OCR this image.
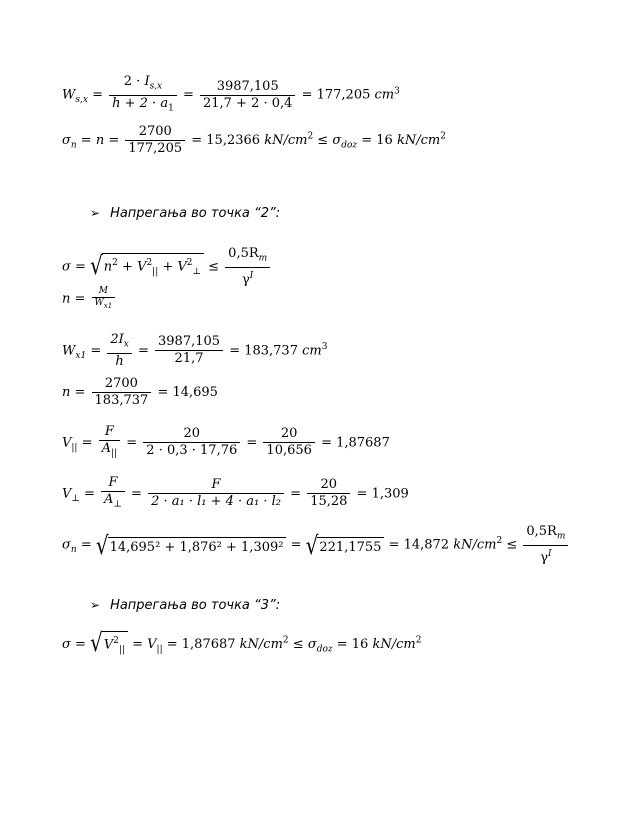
$W_{s,x} = \frac{2 \cdot I_{s,x}}{h + 2 \cdot a_1} = \frac{3987,105}{21,7 + 2 \cdot 0,4} = 177,205$ $cm^3$
$\sigma_n = n = \frac{2700}{177,205} = 15,2366$ $kN/cm^2 \le \sigma_{doz} = 16$ $kN/cm^2$
➢ Напрегања во точка “2”:
$\sigma = √n^2 + V^2_{||} + V^2_\perp \le \frac{0,5R_m}{\gamma^I}$
$n = \frac{M}{W_{x1}}$
$W_{x1} = \frac{2I_x}{h} = \frac{3987,105}{21,7} = 183,737$ $cm^3$
$n = \frac{2700}{183,737} = 14,695$
$V_{||} = \frac{F}{A_{||}} = \frac{20}{2 \cdot 0,3 \cdot 17,76} = \frac{20}{10,656} = 1,87687$
$V_\perp = \frac{F}{A_\perp} = \frac{F}{\text{2 · a₁ · l₁ + 4 · a₁ · l₂}} = \frac{20}{15,28} = 1,309$
$\sigma_n = √14,695^2 + 1,876^2 + 1,309^2 = √221,1755 = 14,872$ $kN/cm^2 \le \frac{0,5R_m}{\gamma^I}$
➢ Напрегања во точка “3”:
$\sigma = √V^2_{||} = V_{||} = 1,87687$ $kN/cm^2 \le \sigma_{doz} = 16$ $kN/cm^2$
